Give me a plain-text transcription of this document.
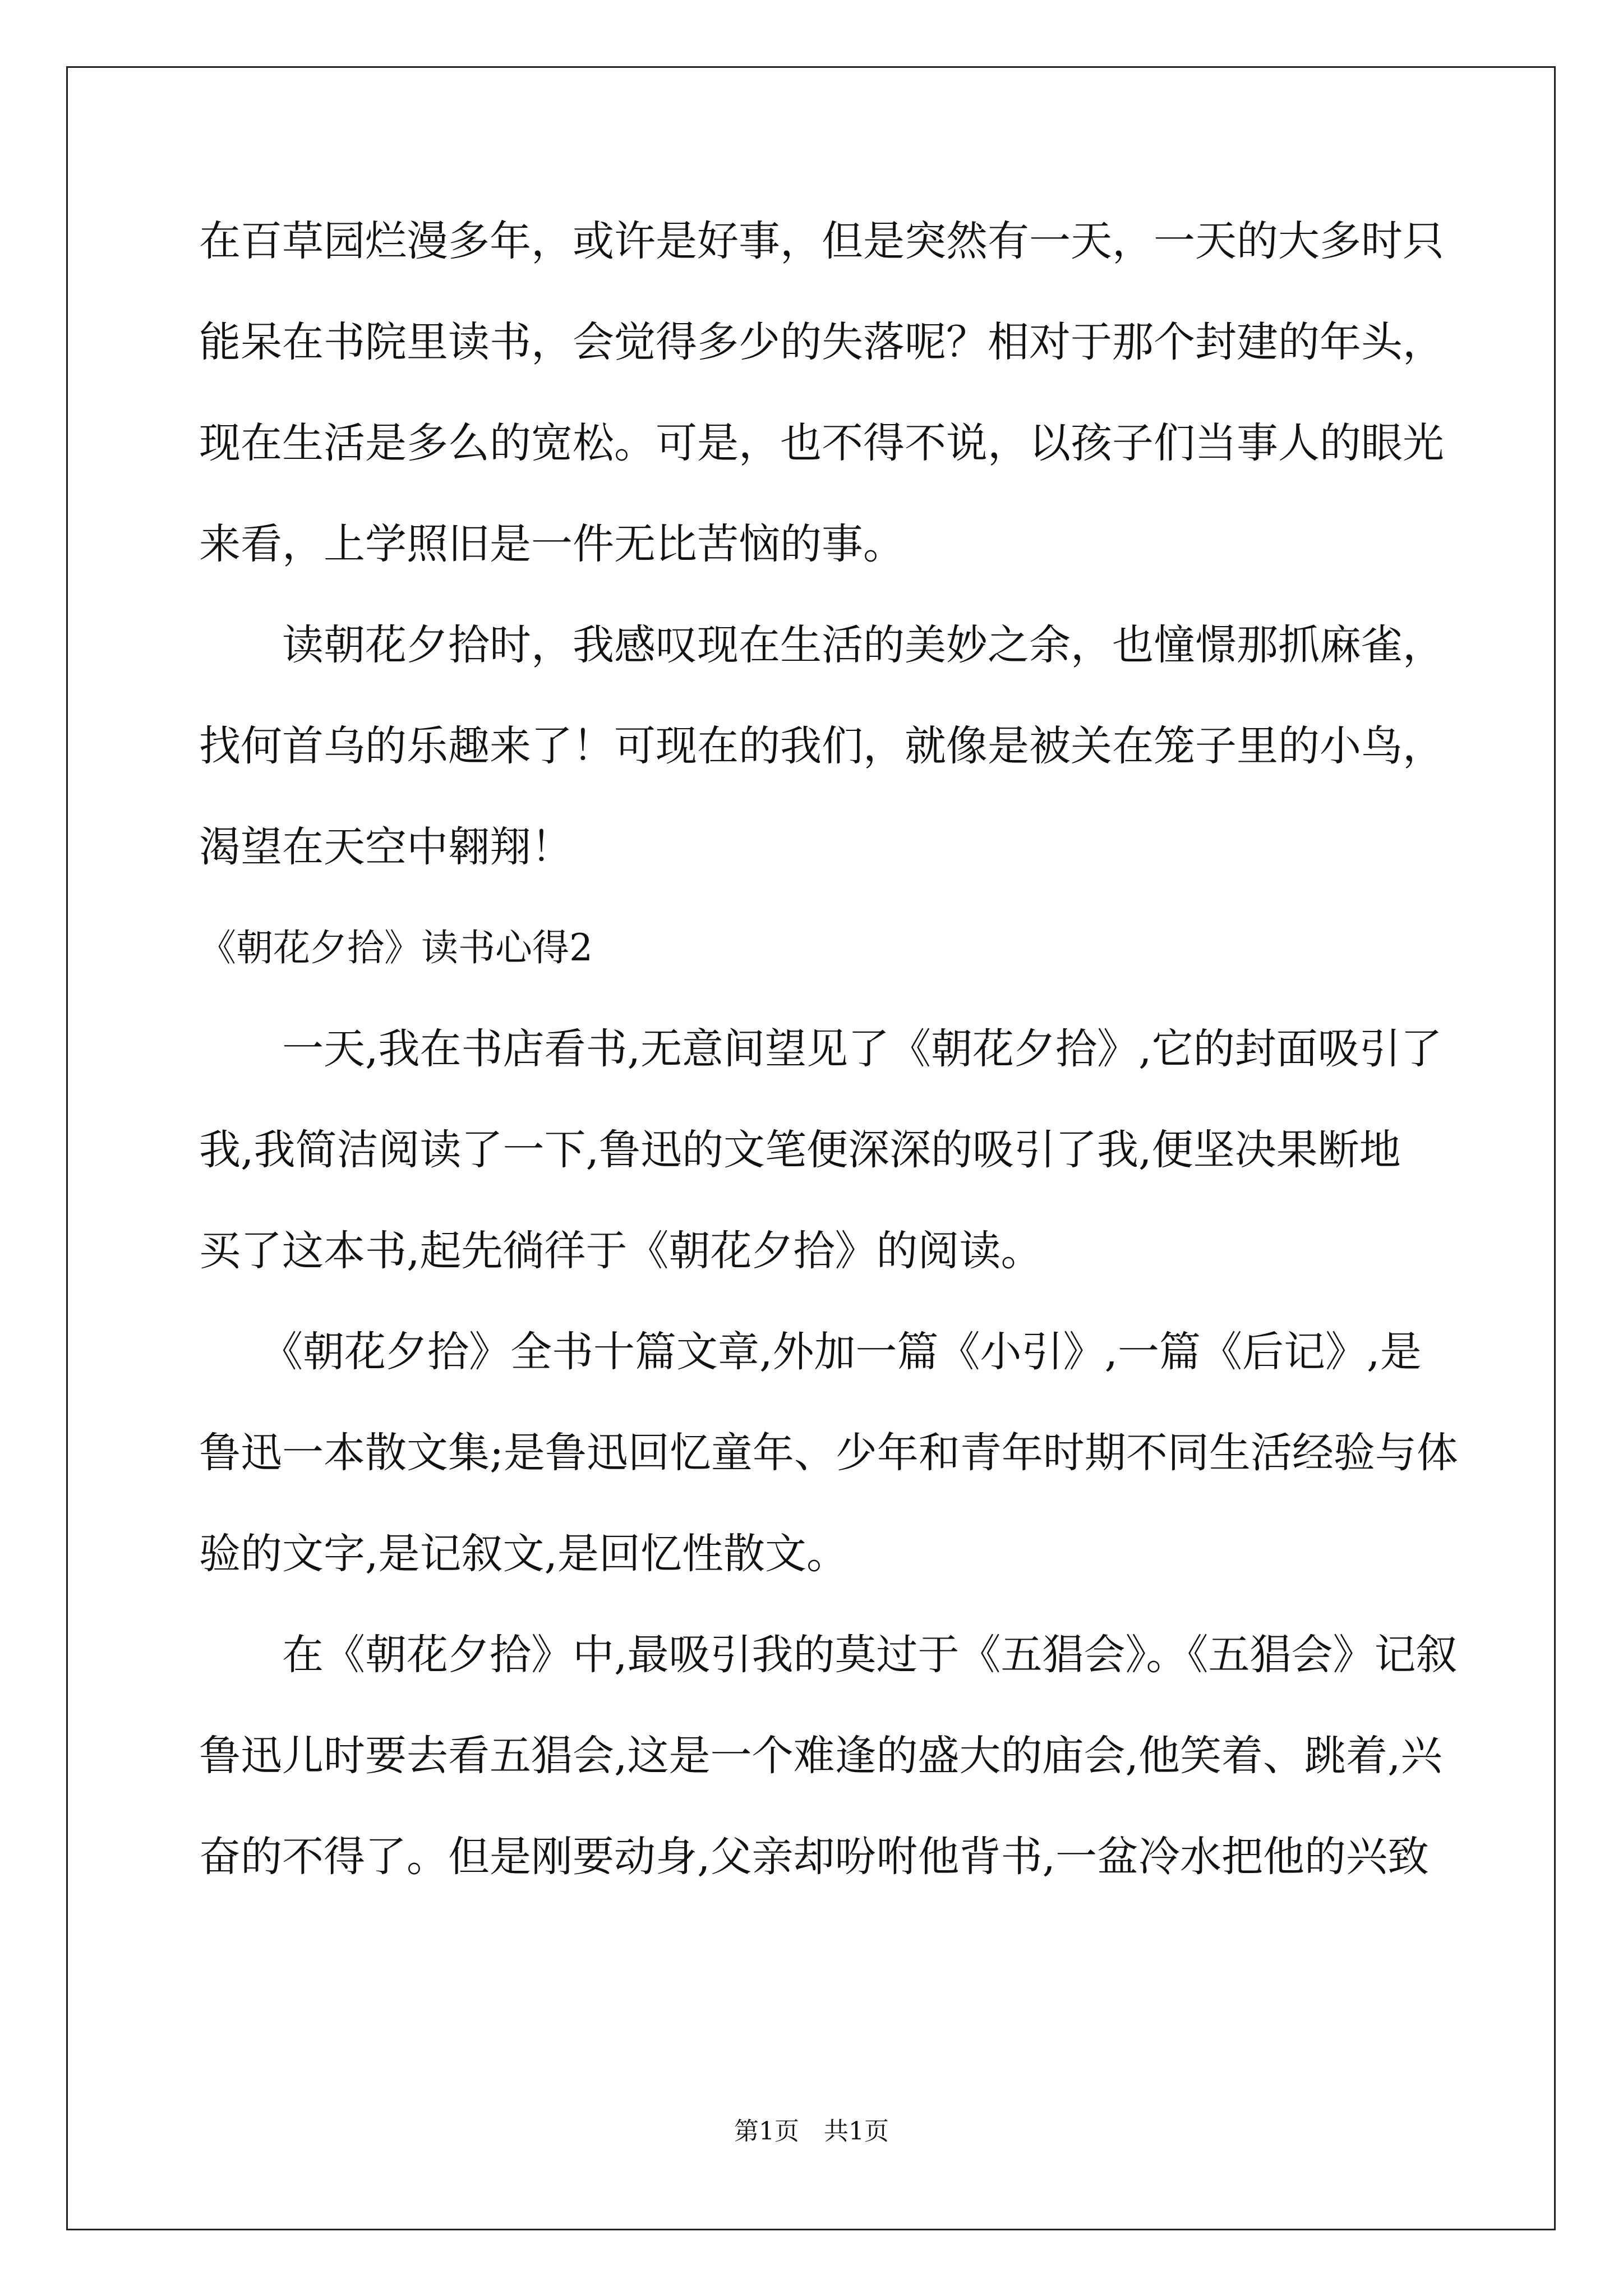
在百草园烂漫多年，或许是好事，但是突然有一天，一天的大多时只
能呆在书院里读书，会觉得多少的失落呢？相对于那个封建的年头，
现在生活是多么的宽松。可是，也不得不说，以孩子们当事人的眼光
来看，上学照旧是一件无比苦恼的事。
　　读朝花夕拾时，我感叹现在生活的美妙之余，也憧憬那抓麻雀，
找何首乌的乐趣来了！可现在的我们，就像是被关在笼子里的小鸟，
渴望在天空中翱翔！
《朝花夕拾》读书心得2
　　一天,我在书店看书,无意间望见了《朝花夕拾》,它的封面吸引了
我,我简洁阅读了一下,鲁迅的文笔便深深的吸引了我,便坚决果断地
买了这本书,起先徜徉于《朝花夕拾》的阅读。
　　《朝花夕拾》全书十篇文章,外加一篇《小引》,一篇《后记》,是
鲁迅一本散文集;是鲁迅回忆童年、少年和青年时期不同生活经验与体
验的文字,是记叙文,是回忆性散文。
　　在《朝花夕拾》中,最吸引我的莫过于《五猖会》。《五猖会》记叙
鲁迅儿时要去看五猖会,这是一个难逢的盛大的庙会,他笑着、跳着,兴
奋的不得了。但是刚要动身,父亲却吩咐他背书,一盆冷水把他的兴致
第1页　共1页
